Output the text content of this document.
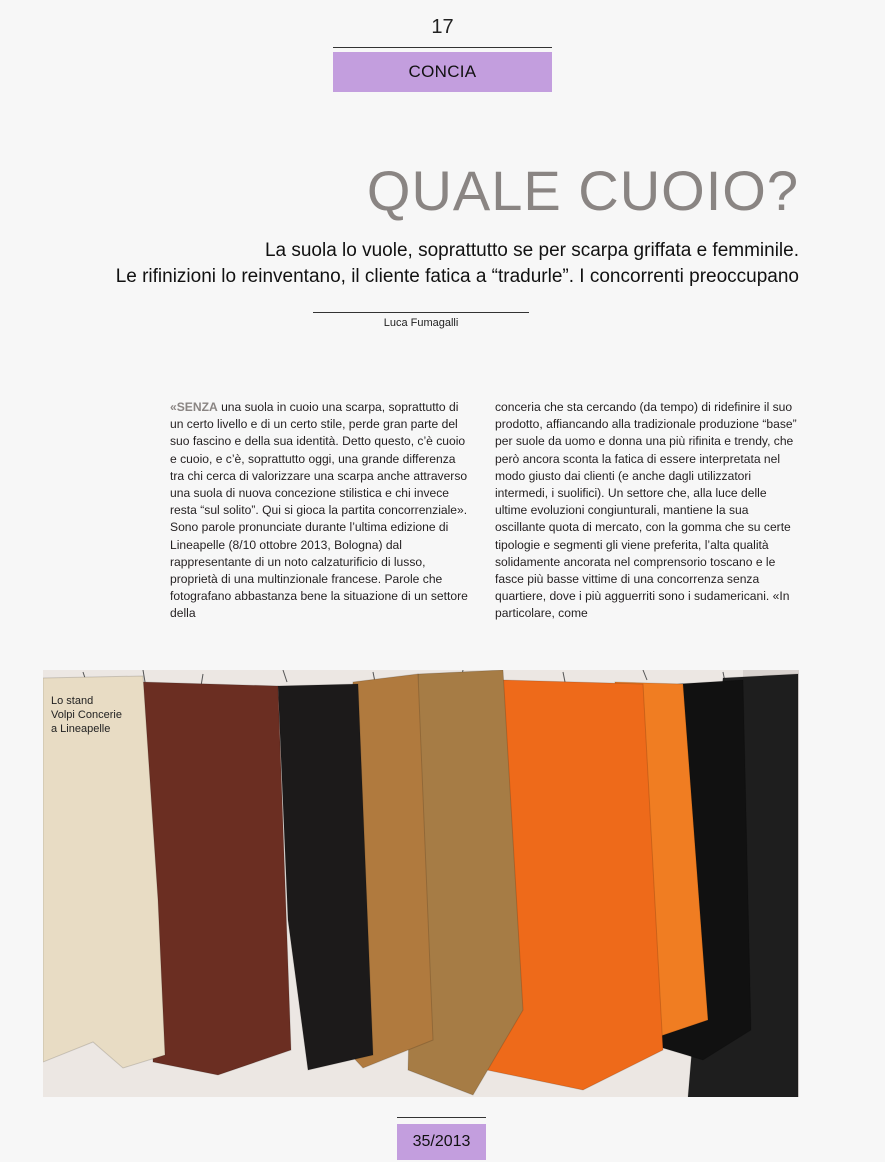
17
CONCIA
QUALE CUOIO?
La suola lo vuole, soprattutto se per scarpa griffata e femminile.
Le rifinizioni lo reinventano, il cliente fatica a “tradurle”. I concorrenti preoccupano
Luca Fumagalli
«SENZA una suola in cuoio una scarpa, soprattutto di un certo livello e di un certo stile, perde gran parte del suo fascino e della sua identità. Detto questo, c’è cuoio e cuoio, e c’è, soprattutto oggi, una grande differenza tra chi cerca di valorizzare una scarpa anche attraverso una suola di nuova concezione stilistica e chi invece resta “sul solito”. Qui si gioca la partita concorrenziale». Sono parole pronunciate durante l’ultima edizione di Lineapelle (8/10 ottobre 2013, Bologna) dal rappresentante di un noto calzaturificio di lusso, proprietà di una multinzionale francese. Parole che fotografano abbastanza bene la situazione di un settore della
conceria che sta cercando (da tempo) di ridefinire il suo prodotto, affiancando alla tradizionale produzione “base” per suole da uomo e donna una più rifinita e trendy, che però ancora sconta la fatica di essere interpretata nel modo giusto dai clienti (e anche dagli utilizzatori intermedi, i suolifici). Un settore che, alla luce delle ultime evoluzioni congiunturali, mantiene la sua oscillante quota di mercato, con la gomma che su certe tipologie e segmenti gli viene preferita, l’alta qualità solidamente ancorata nel comprensorio toscano e le fasce più basse vittime di una concorrenza senza quartiere, dove i più agguerriti sono i sudamericani. «In particolare, come
Lo stand
Volpi Concerie
a Lineapelle
35/2013
